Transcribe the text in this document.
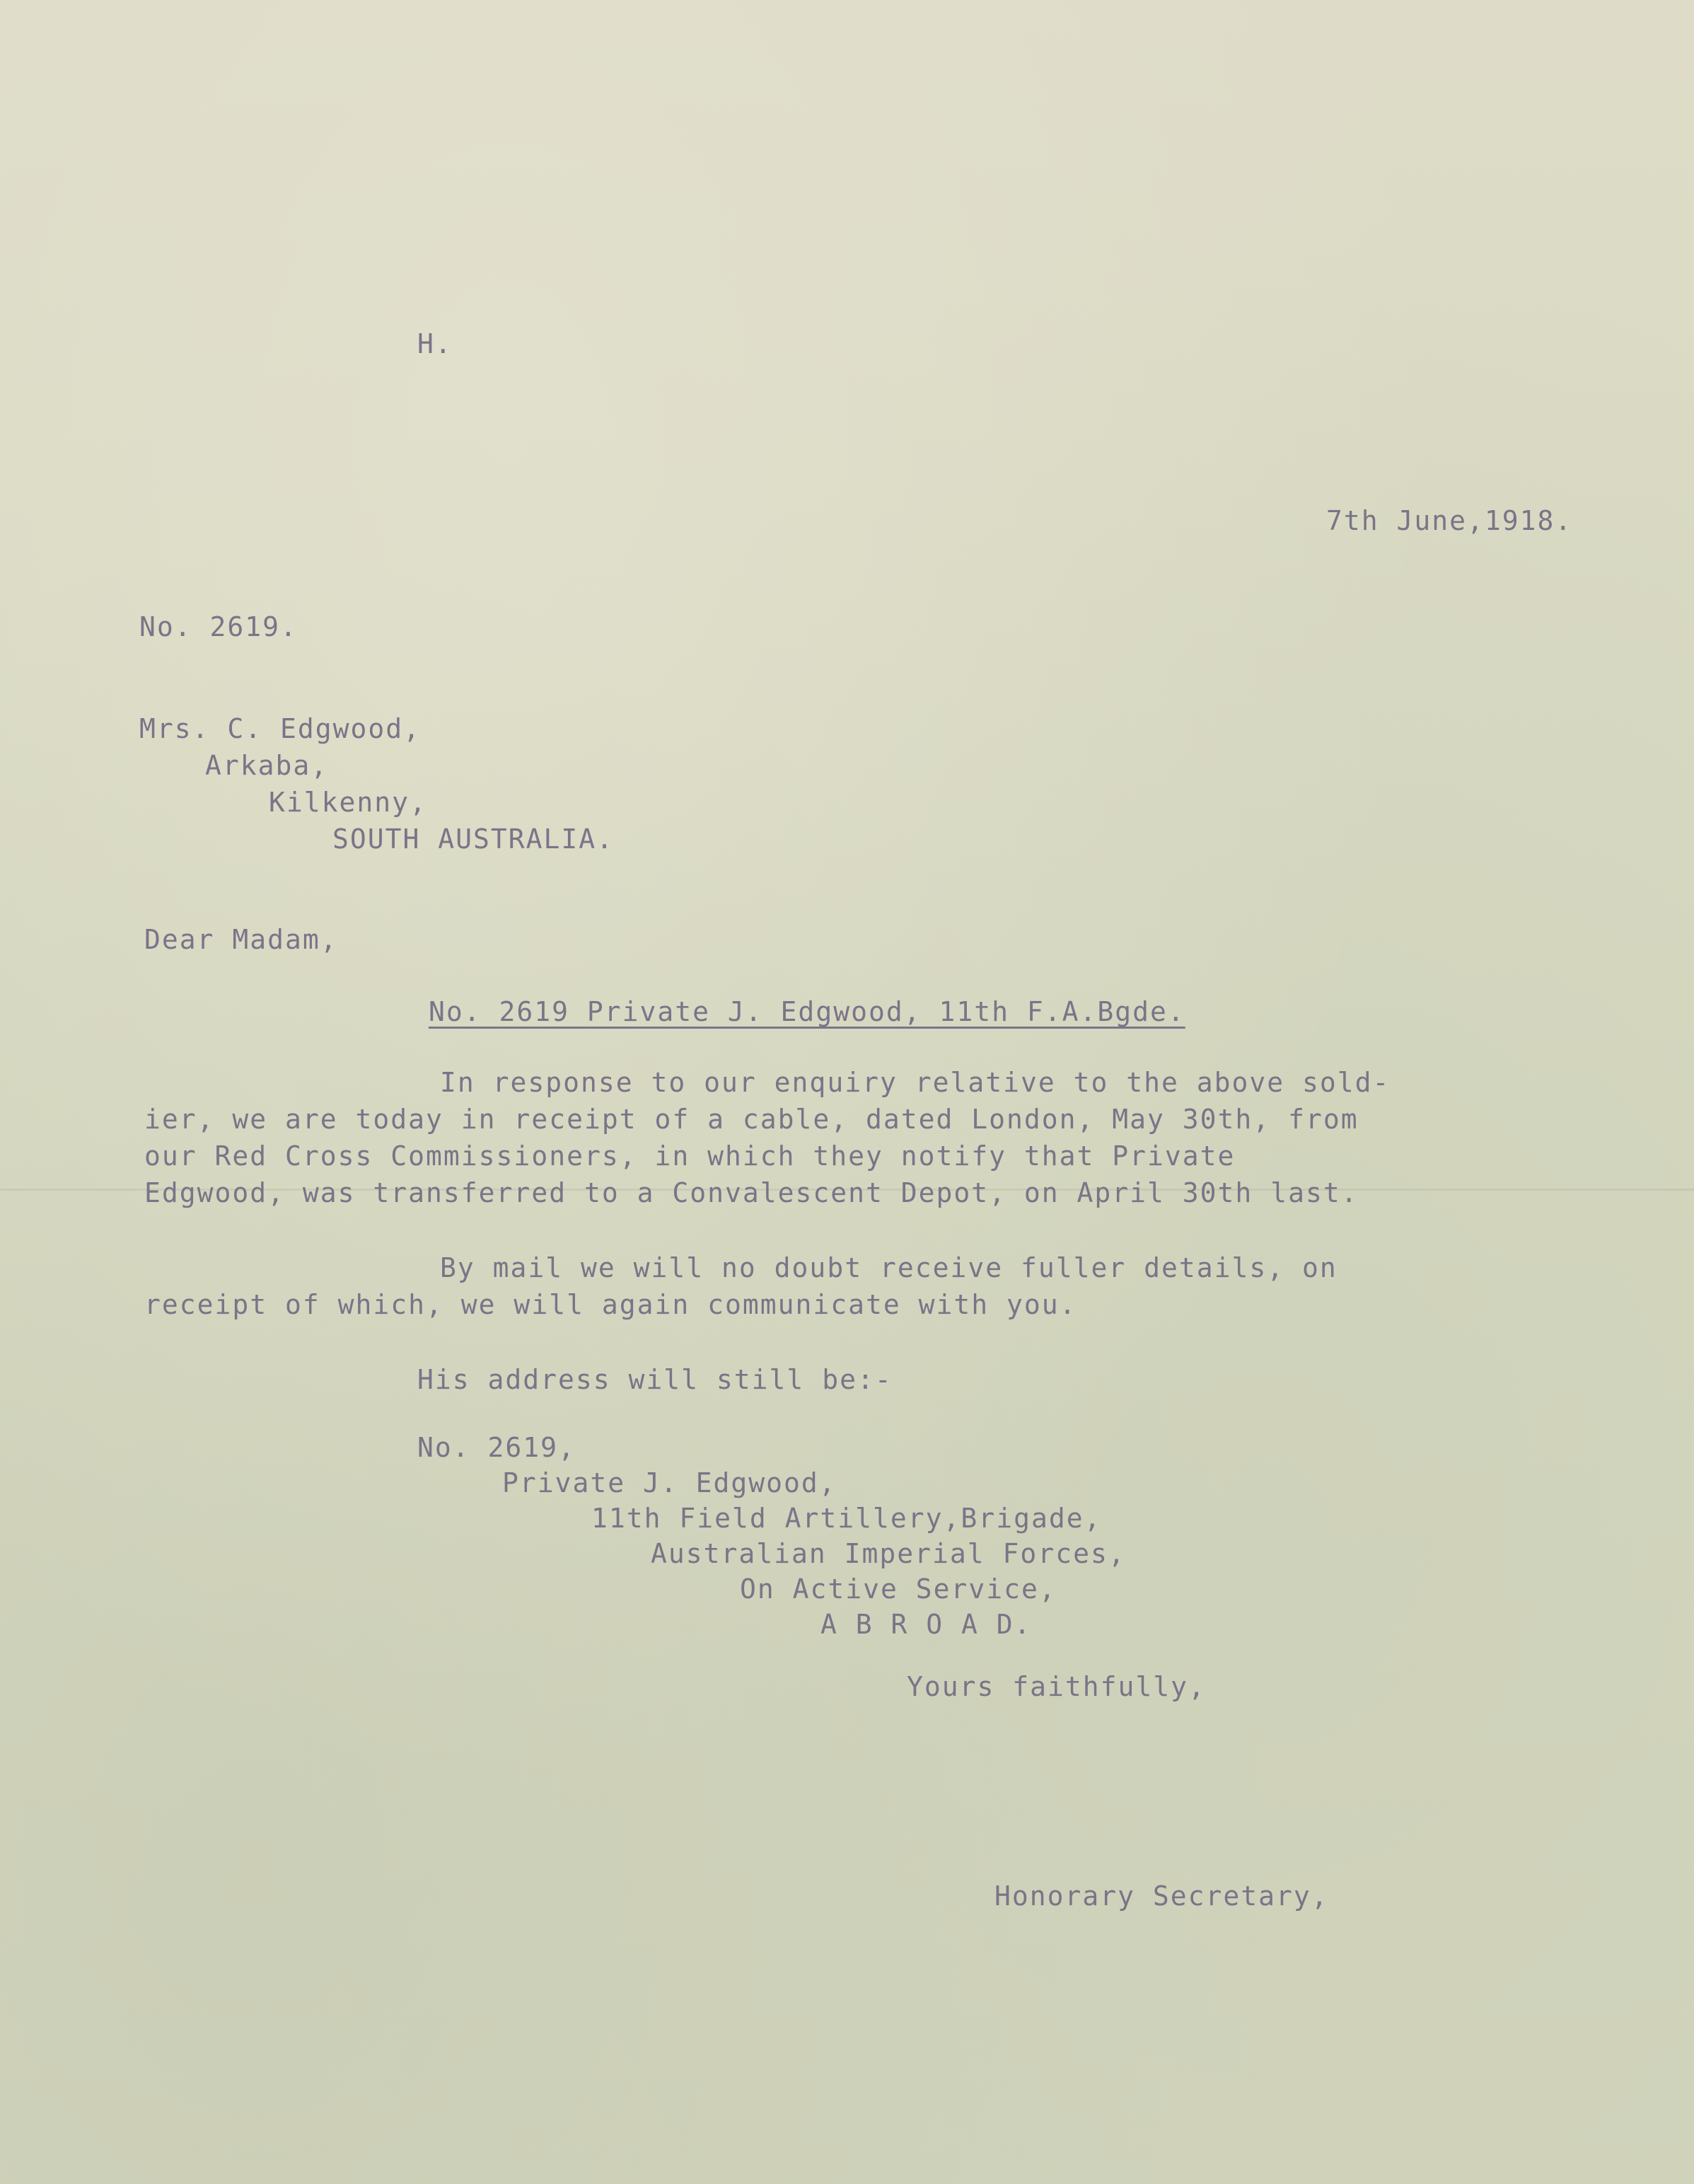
H.
7th June,1918.
No. 2619.
Mrs. C. Edgwood,
Arkaba,
Kilkenny,
SOUTH AUSTRALIA.
Dear Madam,
No. 2619 Private J. Edgwood, 11th F.A.Bgde.
In response to our enquiry relative to the above sold-
ier, we are today in receipt of a cable, dated London, May 30th, from
our Red Cross Commissioners, in which they notify that Private
Edgwood, was transferred to a Convalescent Depot, on April 30th last.
By mail we will no doubt receive fuller details, on
receipt of which, we will again communicate with you.
His address will still be:-
No. 2619,
Private J. Edgwood,
11th Field Artillery,Brigade,
Australian Imperial Forces,
On Active Service,
A B R O A D.
Yours faithfully,
Honorary Secretary,
